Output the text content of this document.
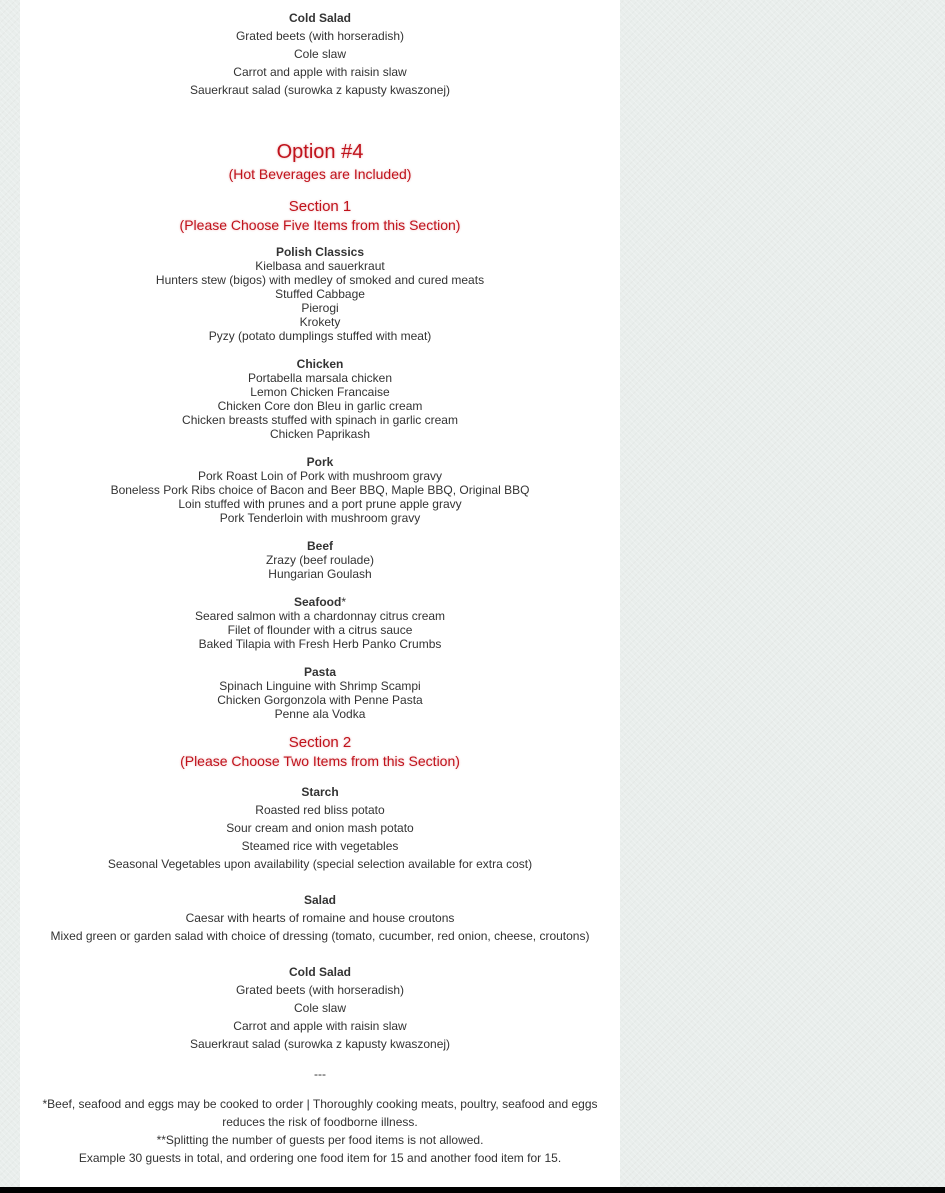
Cold Salad
Grated beets (with horseradish)
Cole slaw
Carrot and apple with raisin slaw
Sauerkraut salad (surowka z kapusty kwaszonej)
Option #4
(Hot Beverages are Included)
Section 1
(Please Choose Five Items from this Section)
Polish Classics
Kielbasa and sauerkraut
Hunters stew (bigos) with medley of smoked and cured meats
Stuffed Cabbage
Pierogi
Krokety
Pyzy (potato dumplings stuffed with meat)
Chicken
Portabella marsala chicken
Lemon Chicken Francaise
Chicken Core don Bleu in garlic cream
Chicken breasts stuffed with spinach in garlic cream
Chicken Paprikash
Pork
Pork Roast Loin of Pork with mushroom gravy
Boneless Pork Ribs choice of Bacon and Beer BBQ, Maple BBQ, Original BBQ
Loin stuffed with prunes and a port prune apple gravy
Pork Tenderloin with mushroom gravy
Beef
Zrazy (beef roulade)
Hungarian Goulash
Seafood*
Seared salmon with a chardonnay citrus cream
Filet of flounder with a citrus sauce
Baked Tilapia with Fresh Herb Panko Crumbs
Pasta
Spinach Linguine with Shrimp Scampi
Chicken Gorgonzola with Penne Pasta
Penne ala Vodka
Section 2
(Please Choose Two Items from this Section)
Starch
Roasted red bliss potato
Sour cream and onion mash potato
Steamed rice with vegetables
Seasonal Vegetables upon availability (special selection available for extra cost)
Salad
Caesar with hearts of romaine and house croutons
Mixed green or garden salad with choice of dressing (tomato, cucumber, red onion, cheese, croutons)
Cold Salad
Grated beets (with horseradish)
Cole slaw
Carrot and apple with raisin slaw
Sauerkraut salad (surowka z kapusty kwaszonej)
---
*Beef, seafood and eggs may be cooked to order | Thoroughly cooking meats, poultry, seafood and eggs reduces the risk of foodborne illness.
**Splitting the number of guests per food items is not allowed.
Example 30 guests in total, and ordering one food item for 15 and another food item for 15.
